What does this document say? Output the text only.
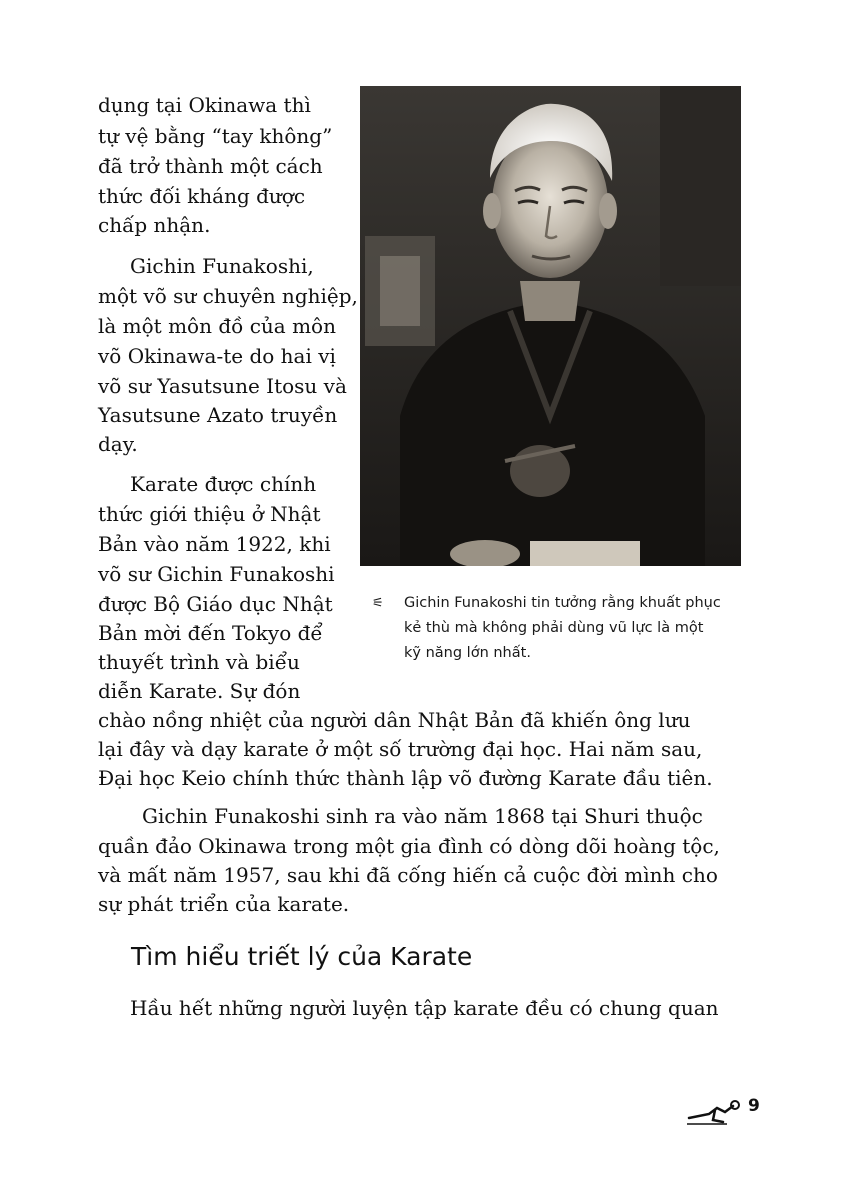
dụng tại Okinawa thì

tự vệ bằng “tay không”

đã trở thành một cách

thức đối kháng được

chấp nhận.

Gichin Funakoshi,

một võ sư chuyên nghiệp,

là một môn đồ của môn

võ Okinawa-te do hai vị

võ sư Yasutsune Itosu và

Yasutsune Azato truyền

dạy.

Karate được chính

thức giới thiệu ở Nhật

Bản vào năm 1922, khi

võ sư Gichin Funakoshi

được Bộ Giáo dục Nhật

Bản mời đến Tokyo để

thuyết trình và biểu

diễn Karate. Sự đón

chào nồng nhiệt của người dân Nhật Bản đã khiến ông lưu

lại đây và dạy karate ở một số trường đại học. Hai năm sau,

Đại học Keio chính thức thành lập võ đường Karate đầu tiên.

Gichin Funakoshi sinh ra vào năm 1868 tại Shuri thuộc

quần đảo Okinawa trong một gia đình có dòng dõi hoàng tộc,

và mất năm 1957, sau khi đã cống hiến cả cuộc đời mình cho

sự phát triển của karate.

Tìm hiểu triết lý của Karate

Hầu hết những người luyện tập karate đều có chung quan

⚟	Gichin Funakoshi tin tưởng rằng khuất phục
kẻ thù mà không phải dùng vũ lực là một
kỹ năng lớn nhất.
9
